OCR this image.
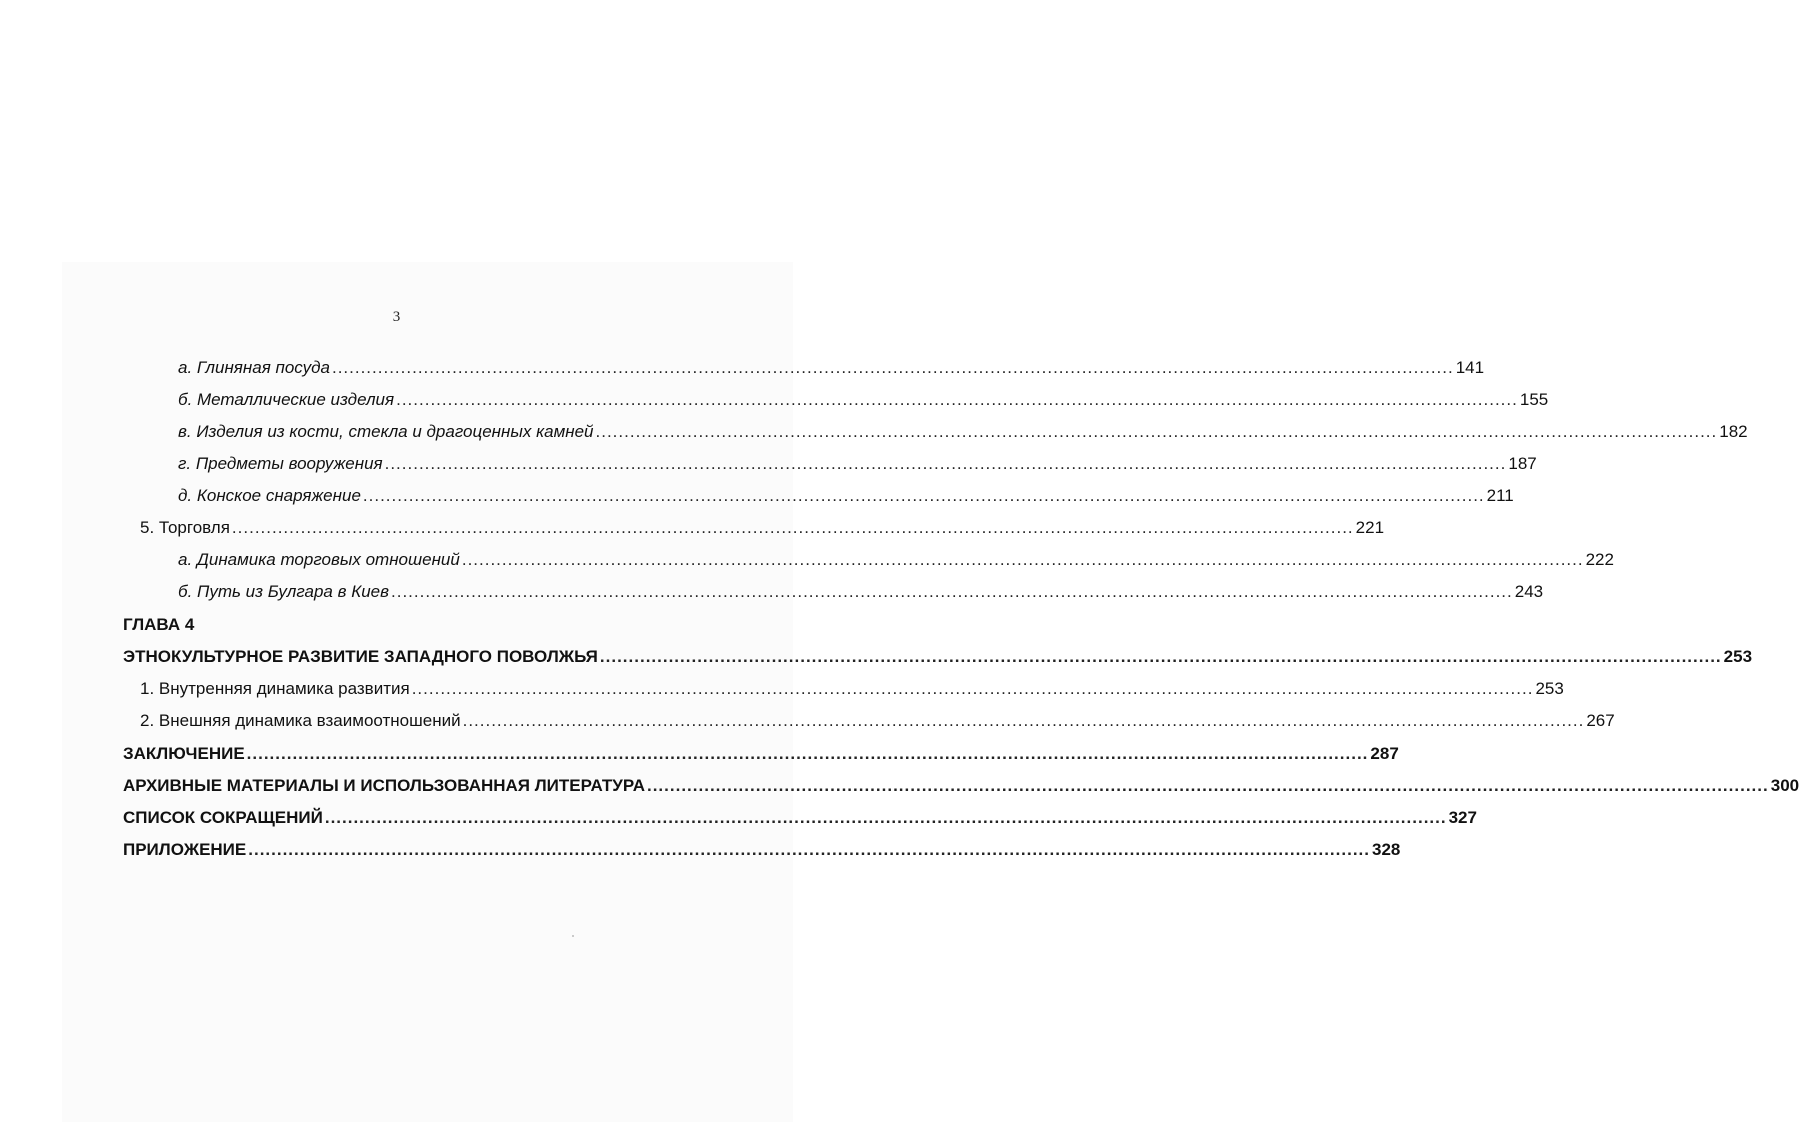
3
а. Глиняная посуда .................................................................................................................................................................................................... 141
б. Металлические изделия .................................................................................................................................................................................................... 155
в. Изделия из кости, стекла и драгоценных камней .................................................................................................................................................................................................... 182
г. Предметы вооружения .................................................................................................................................................................................................... 187
д. Конское снаряжение .................................................................................................................................................................................................... 211
5. Торговля .................................................................................................................................................................................................... 221
а. Динамика торговых отношений .................................................................................................................................................................................................... 222
б. Путь из Булгара в Киев .................................................................................................................................................................................................... 243
ГЛАВА 4
ЭТНОКУЛЬТУРНОЕ РАЗВИТИЕ ЗАПАДНОГО ПОВОЛЖЬЯ .................................................................................................................................................................................................... 253
1. Внутренняя динамика развития .................................................................................................................................................................................................... 253
2. Внешняя динамика взаимоотношений .................................................................................................................................................................................................... 267
ЗАКЛЮЧЕНИЕ .................................................................................................................................................................................................... 287
АРХИВНЫЕ МАТЕРИАЛЫ И ИСПОЛЬЗОВАННАЯ ЛИТЕРАТУРА .................................................................................................................................................................................................... 300
СПИСОК СОКРАЩЕНИЙ .................................................................................................................................................................................................... 327
ПРИЛОЖЕНИЕ .................................................................................................................................................................................................... 328
